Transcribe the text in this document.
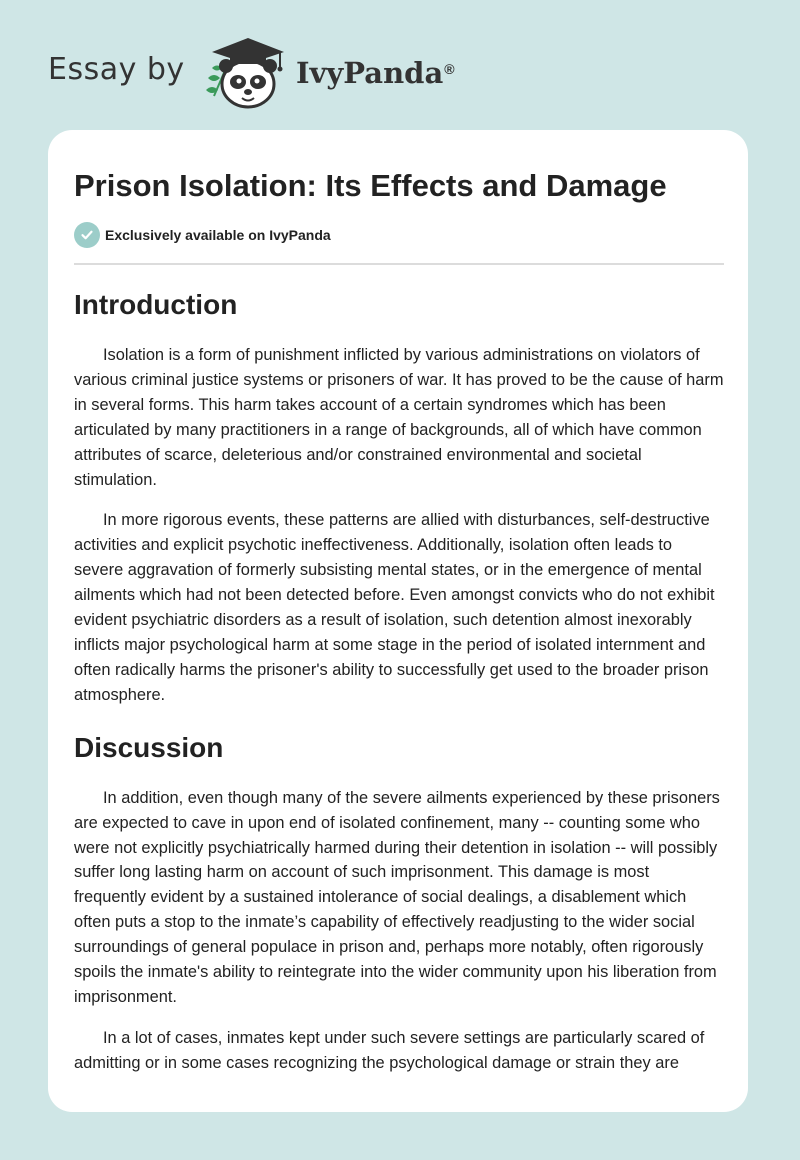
Essay by	IvyPanda®
Prison Isolation: Its Effects and Damage
Exclusively available on IvyPanda
Introduction

Isolation is a form of punishment inflicted by various administrations on violators of various criminal justice systems or prisoners of war. It has proved to be the cause of harm in several forms. This harm takes account of a certain syndromes which has been articulated by many practitioners in a range of backgrounds, all of which have common attributes of scarce, deleterious and/or constrained environmental and societal stimulation.

In more rigorous events, these patterns are allied with disturbances, self-destructive activities and explicit psychotic ineffectiveness. Additionally, isolation often leads to severe aggravation of formerly subsisting mental states, or in the emergence of mental ailments which had not been detected before. Even amongst convicts who do not exhibit evident psychiatric disorders as a result of isolation, such detention almost inexorably inflicts major psychological harm at some stage in the period of isolated internment and often radically harms the prisoner's ability to successfully get used to the broader prison atmosphere.

Discussion

In addition, even though many of the severe ailments experienced by these prisoners are expected to cave in upon end of isolated confinement, many -- counting some who were not explicitly psychiatrically harmed during their detention in isolation -- will possibly suffer long lasting harm on account of such imprisonment. This damage is most frequently evident by a sustained intolerance of social dealings, a disablement which often puts a stop to the inmate’s capability of effectively readjusting to the wider social surroundings of general populace in prison and, perhaps more notably, often rigorously spoils the inmate's ability to reintegrate into the wider community upon his liberation from imprisonment.

In a lot of cases, inmates kept under such severe settings are particularly scared of admitting or in some cases recognizing the psychological damage or strain they are
